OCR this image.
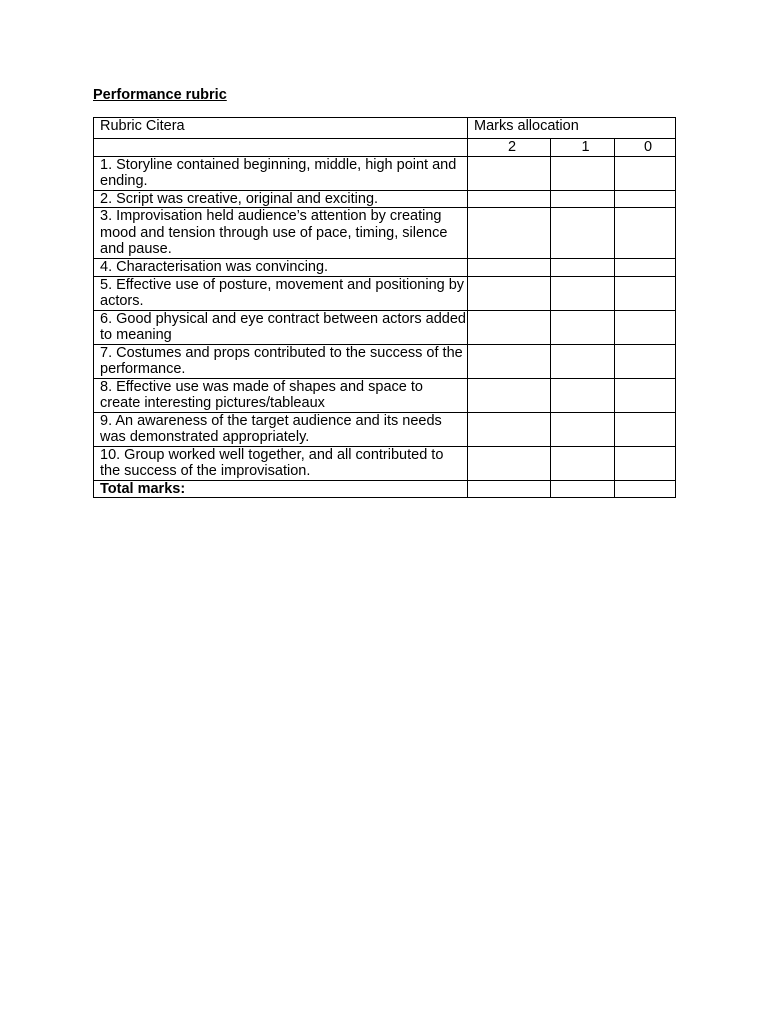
Performance rubric

Rubric Citera	Marks allocation		
	2	1	0
1. Storyline contained beginning, middle, high point and ending.			
2. Script was creative, original and exciting.			
3. Improvisation held audience’s attention by creating mood and tension through use of pace, timing, silence and pause.			
4. Characterisation was convincing.			
5. Effective use of posture, movement and positioning by actors.			
6. Good physical and eye contract between actors added to meaning			
7. Costumes and props contributed to the success of the performance.			
8. Effective use was made of shapes and space to create interesting pictures/tableaux			
9. An awareness of the target audience and its needs was demonstrated appropriately.			
10. Group worked well together, and all contributed to the success of the improvisation.			
Total marks:			
